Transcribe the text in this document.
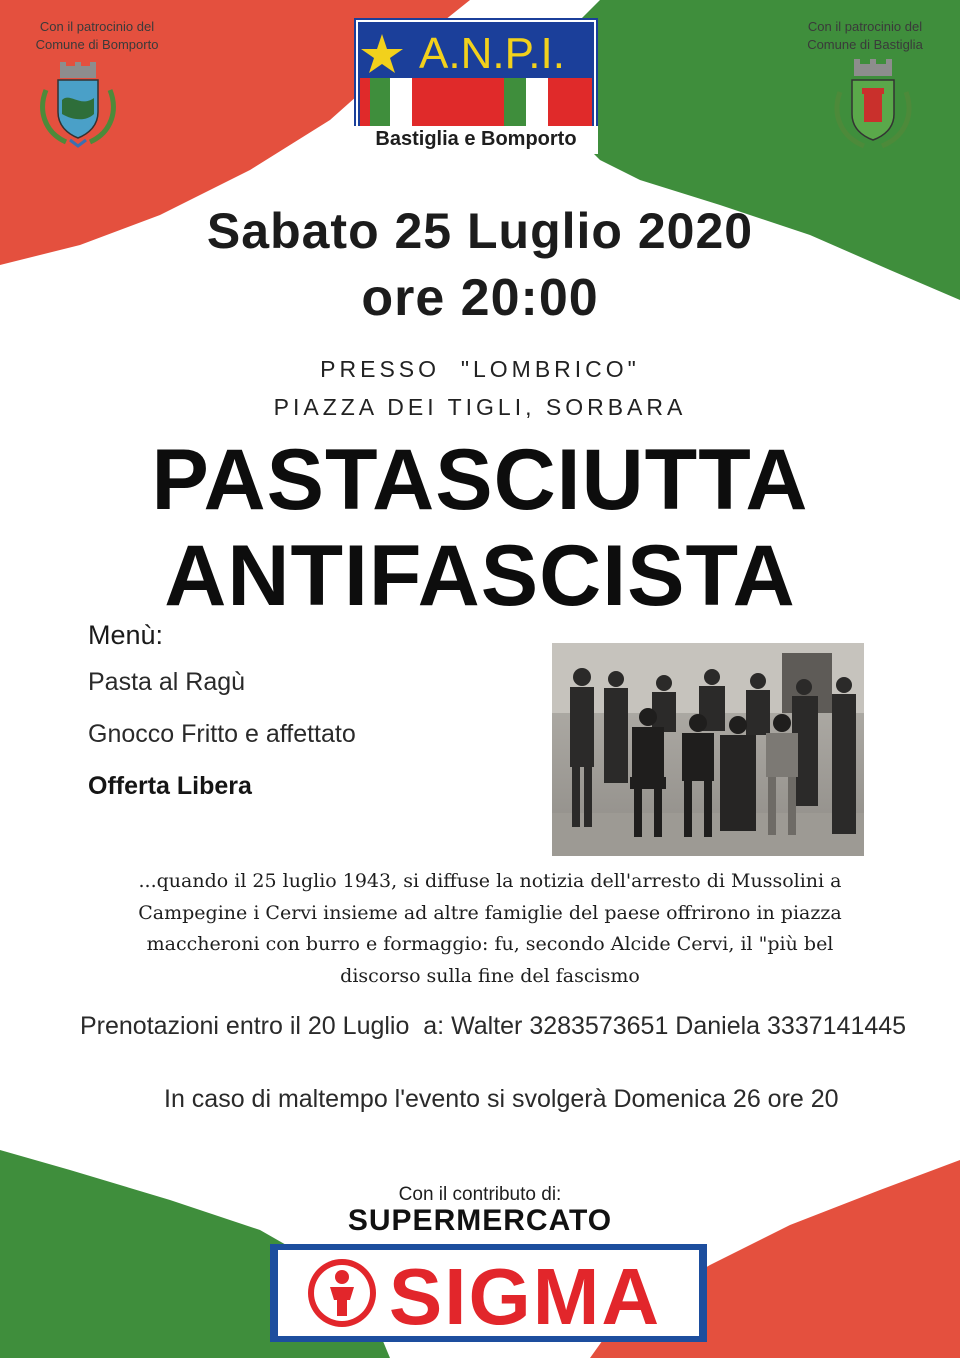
Con il patrocinio del
Comune di Bomporto
Con il patrocinio del
Comune di Bastiglia
A.N.P.I.
Bastiglia e Bomporto
Sabato 25 Luglio 2020
ore 20:00
PRESSO  "LOMBRICO"
PIAZZA DEI TIGLI, SORBARA
PASTASCIUTTA
ANTIFASCISTA
Menù:
Pasta al Ragù
Gnocco Fritto e affettato
Offerta Libera
...quando il 25 luglio 1943, si diffuse la notizia dell'arresto di Mussolini a Campegine i Cervi insieme ad altre famiglie del paese offrirono in piazza maccheroni con burro e formaggio: fu, secondo Alcide Cervi, il "più bel discorso sulla fine del fascismo
Prenotazioni entro il 20 Luglio  a: Walter 3283573651 Daniela 3337141445
In caso di maltempo l'evento si svolgerà Domenica 26 ore 20
Con il contributo di:
SUPERMERCATO
SIGMA
